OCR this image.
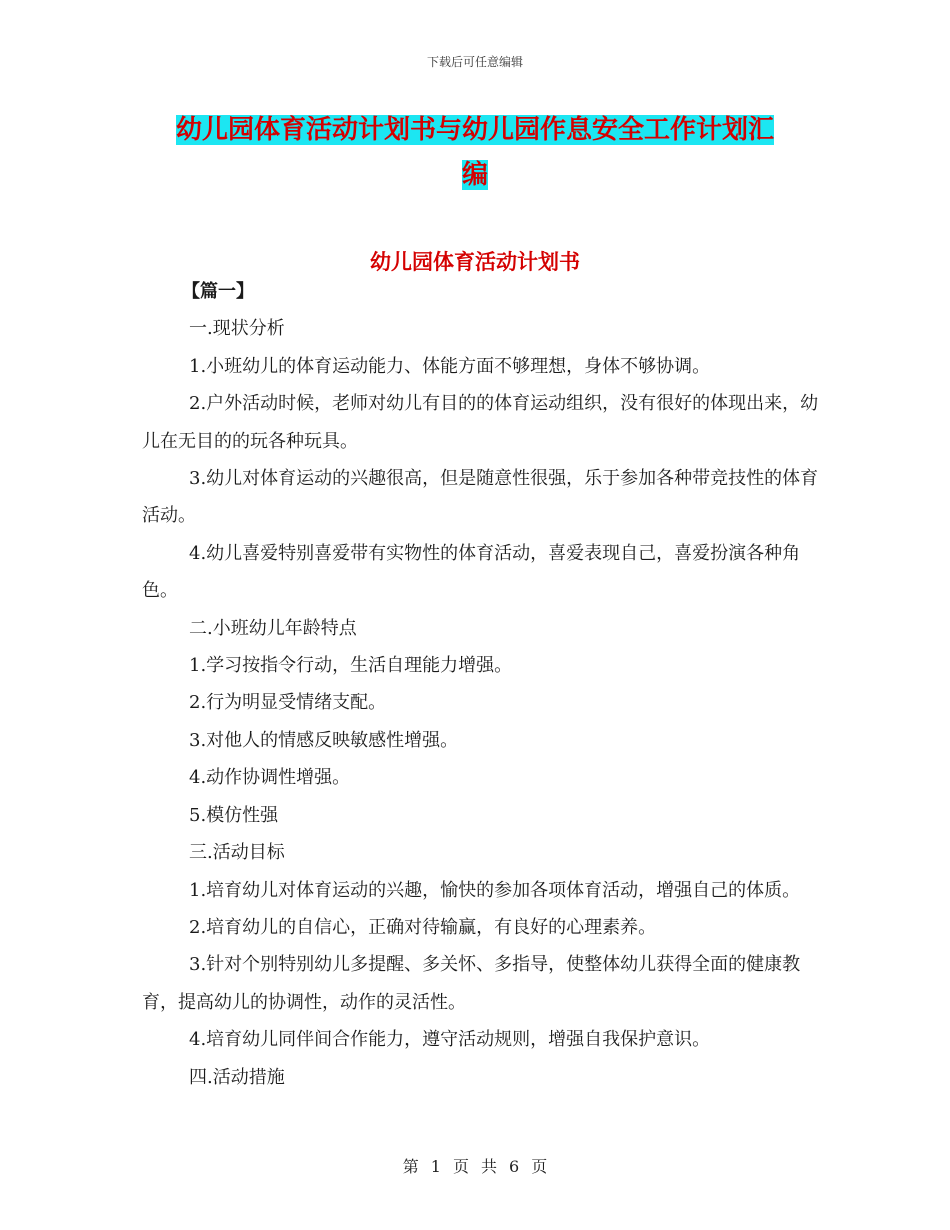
下载后可任意编辑
幼儿园体育活动计划书与幼儿园作息安全工作计划汇
编
幼儿园体育活动计划书

【篇一】

一.现状分析

1.小班幼儿的体育运动能力、体能方面不够理想，身体不够协调。

2.户外活动时候，老师对幼儿有目的的体育运动组织，没有很好的体现出来，幼儿在无目的的玩各种玩具。

3.幼儿对体育运动的兴趣很高，但是随意性很强，乐于参加各种带竞技性的体育活动。

4.幼儿喜爱特别喜爱带有实物性的体育活动，喜爱表现自己，喜爱扮演各种角色。

二.小班幼儿年龄特点

1.学习按指令行动，生活自理能力增强。

2.行为明显受情绪支配。

3.对他人的情感反映敏感性增强。

4.动作协调性增强。

5.模仿性强

三.活动目标

1.培育幼儿对体育运动的兴趣，愉快的参加各项体育活动，增强自己的体质。

2.培育幼儿的自信心，正确对待输赢，有良好的心理素养。

3.针对个别特别幼儿多提醒、多关怀、多指导，使整体幼儿获得全面的健康教育，提高幼儿的协调性，动作的灵活性。

4.培育幼儿同伴间合作能力，遵守活动规则，增强自我保护意识。

四.活动措施

第 1 页 共 6 页
